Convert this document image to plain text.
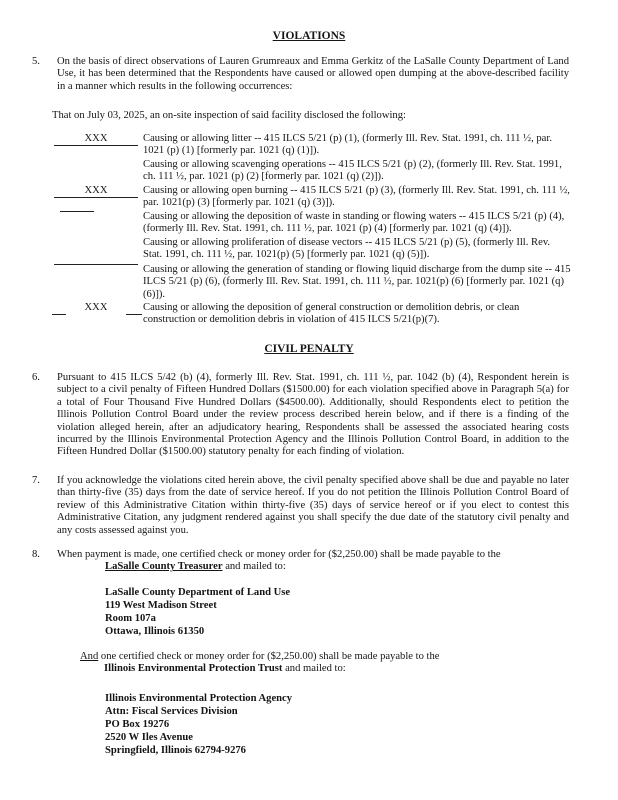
VIOLATIONS
5. On the basis of direct observations of Lauren Grumreaux and Emma Gerkitz of the LaSalle County Department of Land Use, it has been determined that the Respondents have caused or allowed open dumping at the above-described facility in a manner which results in the following occurrences:
That on July 03, 2025, an on-site inspection of said facility disclosed the following:
XXX	Causing or allowing litter -- 415 ILCS 5/21 (p) (1), (formerly Ill. Rev. Stat. 1991, ch. 111 ½, par. 1021 (p) (1) [formerly par. 1021 (q) (1)]).
Causing or allowing scavenging operations -- 415 ILCS 5/21 (p) (2), (formerly Ill. Rev. Stat. 1991, ch. 111 ½, par. 1021 (p) (2) [formerly par. 1021 (q) (2)]).
XXX	Causing or allowing open burning -- 415 ILCS 5/21 (p) (3), (formerly Ill. Rev. Stat. 1991, ch. 111 ½, par. 1021(p) (3) [formerly par. 1021 (q) (3)]).
Causing or allowing the deposition of waste in standing or flowing waters -- 415 ILCS 5/21 (p) (4), (formerly Ill. Rev. Stat. 1991, ch. 111 ½, par. 1021 (p) (4) [formerly par. 1021 (q) (4)]).
Causing or allowing proliferation of disease vectors -- 415 ILCS 5/21 (p) (5), (formerly Ill. Rev. Stat. 1991, ch. 111 ½, par. 1021(p) (5) [formerly par. 1021 (q) (5)]).
Causing or allowing the generation of standing or flowing liquid discharge from the dump site -- 415 ILCS 5/21 (p) (6), (formerly Ill. Rev. Stat. 1991, ch. 111 ½, par. 1021(p) (6) [formerly par. 1021 (q) (6)]).
XXX	Causing or allowing the deposition of general construction or demolition debris, or clean construction or demolition debris in violation of 415 ILCS 5/21(p)(7).
CIVIL PENALTY
6. Pursuant to 415 ILCS 5/42 (b) (4), formerly Ill. Rev. Stat. 1991, ch. 111 ½, par. 1042 (b) (4), Respondent herein is subject to a civil penalty of Fifteen Hundred Dollars ($1500.00) for each violation specified above in Paragraph 5(a) for a total of Four Thousand Five Hundred Dollars ($4500.00). Additionally, should Respondents elect to petition the Illinois Pollution Control Board under the review process described herein below, and if there is a finding of the violation alleged herein, after an adjudicatory hearing, Respondents shall be assessed the associated hearing costs incurred by the Illinois Environmental Protection Agency and the Illinois Pollution Control Board, in addition to the Fifteen Hundred Dollar ($1500.00) statutory penalty for each finding of violation.
7. If you acknowledge the violations cited herein above, the civil penalty specified above shall be due and payable no later than thirty-five (35) days from the date of service hereof. If you do not petition the Illinois Pollution Control Board of review of this Administrative Citation within thirty-five (35) days of service hereof or if you elect to contest this Administrative Citation, any judgment rendered against you shall specify the due date of the statutory civil penalty and any costs assessed against you.
8. When payment is made, one certified check or money order for ($2,250.00) shall be made payable to the
LaSalle County Treasurer and mailed to:
LaSalle County Department of Land Use
119 West Madison Street
Room 107a
Ottawa, Illinois 61350
And one certified check or money order for ($2,250.00) shall be made payable to the
Illinois Environmental Protection Trust and mailed to:
Illinois Environmental Protection Agency
Attn: Fiscal Services Division
PO Box 19276
2520 W Iles Avenue
Springfield, Illinois 62794-9276
